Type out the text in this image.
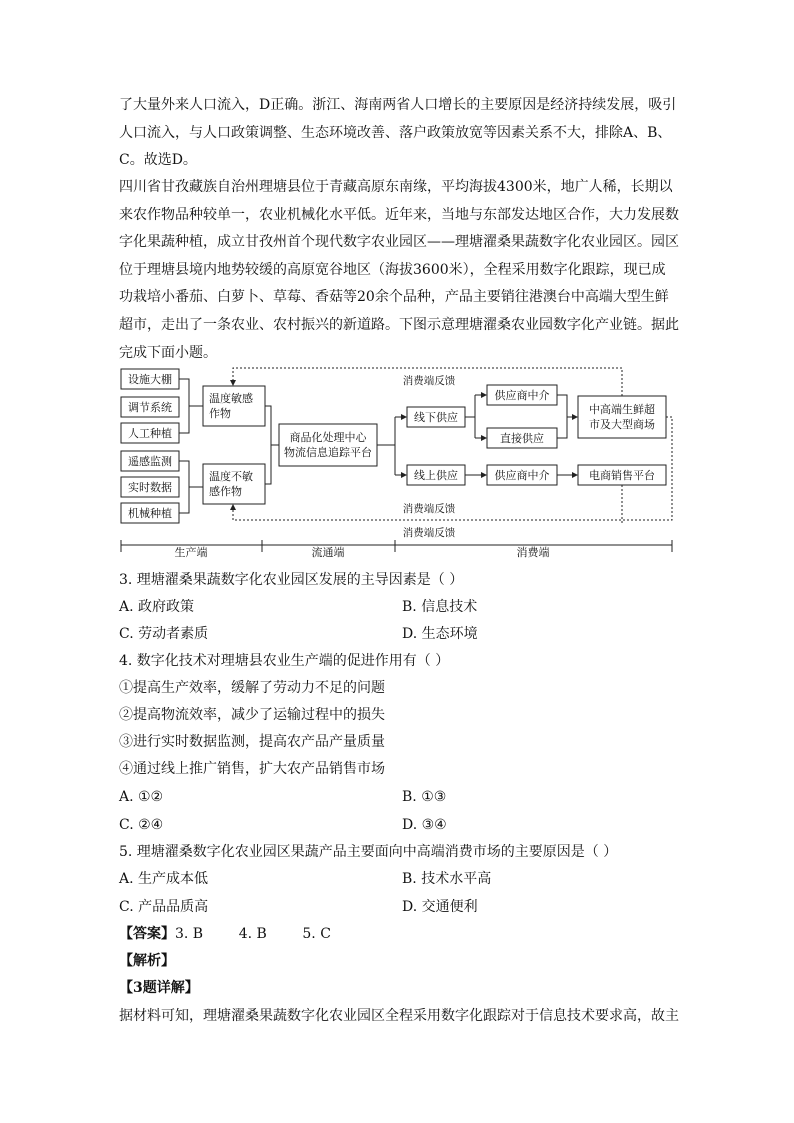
了大量外来人口流入，D正确。浙江、海南两省人口增长的主要原因是经济持续发展，吸引人口流入，与人口政策调整、生态环境改善、落户政策放宽等因素关系不大，排除A、B、C。故选D。

四川省甘孜藏族自治州理塘县位于青藏高原东南缘，平均海拔4300米，地广人稀，长期以来农作物品种较单一，农业机械化水平低。近年来，当地与东部发达地区合作，大力发展数字化果蔬种植，成立甘孜州首个现代数字农业园区——理塘濯桑果蔬数字化农业园区。园区位于理塘县境内地势较缓的高原宽谷地区（海拔3600米），全程采用数字化跟踪，现已成功栽培小番茄、白萝卜、草莓、香菇等20余个品种，产品主要销往港澳台中高端大型生鲜超市，走出了一条农业、农村振兴的新道路。下图示意理塘濯桑农业园数字化产业链。据此完成下面小题。

设施大棚
调节系统
人工种植
遥感监测
实时数据
机械种植
温度敏感
作物
温度不敏
感作物
商品化处理中心
物流信息追踪平台
线下供应
线上供应
供应商中介
直接供应
中高端生鲜超
市及大型商场
供应商中介	电商销售平台
消费端反馈
消费端反馈
消费端反馈
生产端	流通端	消费端
3. 理塘濯桑果蔬数字化农业园区发展的主导因素是（ ）
A. 政府政策	B. 信息技术
C. 劳动者素质	D. 生态环境
4. 数字化技术对理塘县农业生产端的促进作用有（ ）
①提高生产效率，缓解了劳动力不足的问题
②提高物流效率，减少了运输过程中的损失
③进行实时数据监测，提高农产品产量质量
④通过线上推广销售，扩大农产品销售市场
A. ①②	B. ①③
C. ②④	D. ③④
5. 理塘濯桑数字化农业园区果蔬产品主要面向中高端消费市场的主要原因是（ ）
A. 生产成本低	B. 技术水平高
C. 产品品质高	D. 交通便利
【答案】3. B        4. B        5. C
【解析】
【3题详解】
据材料可知，理塘濯桑果蔬数字化农业园区全程采用数字化跟踪对于信息技术要求高，故主
